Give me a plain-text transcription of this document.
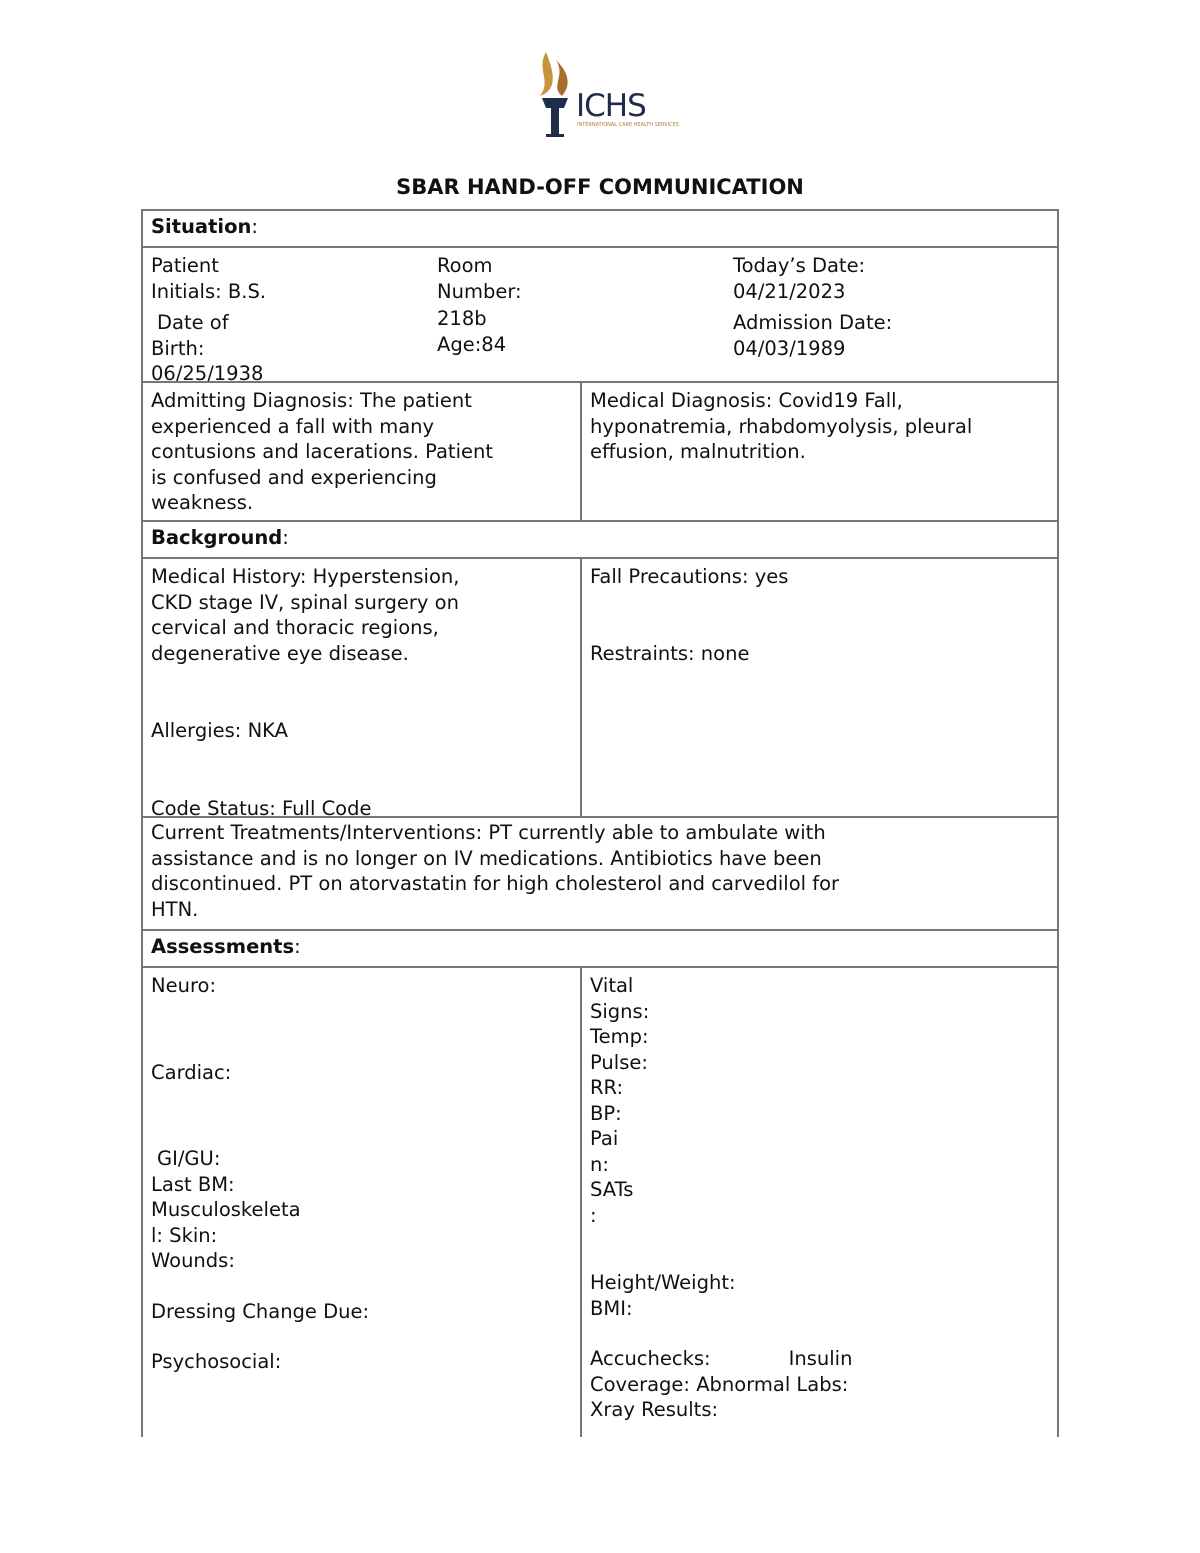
ICHS
INTERNATIONAL CARE HEALTH SERVICES
SBAR HAND-OFF COMMUNICATION
Situation:

Patient

Initials: B.S.

Date of

Birth:

06/25/1938

Room

Number:

218b

Age:84

Today’s Date:

04/21/2023

Admission Date:

04/03/1989

Admitting Diagnosis: The patient

experienced a fall with many

contusions and lacerations. Patient

is confused and experiencing

weakness.

Medical Diagnosis: Covid19 Fall,

hyponatremia, rhabdomyolysis, pleural

effusion, malnutrition.

Background:

Medical History: Hyperstension,

CKD stage IV, spinal surgery on

cervical and thoracic regions,

degenerative eye disease.

Allergies: NKA

Code Status: Full Code

Fall Precautions: yes

Restraints: none

Current Treatments/Interventions: PT currently able to ambulate with

assistance and is no longer on IV medications. Antibiotics have been

discontinued. PT on atorvastatin for high cholesterol and carvedilol for

HTN.

Assessments:

Neuro:

Cardiac:

GI/GU:

Last BM:

Musculoskeleta

l: Skin:

Wounds:

Dressing Change Due:

Psychosocial:

Vital

Signs:

Temp:

Pulse:

RR:

BP:

Pai

n:

SATs

:

Height/Weight:

BMI:

Accuchecks:	Insulin

Coverage: Abnormal Labs:

Xray Results:
